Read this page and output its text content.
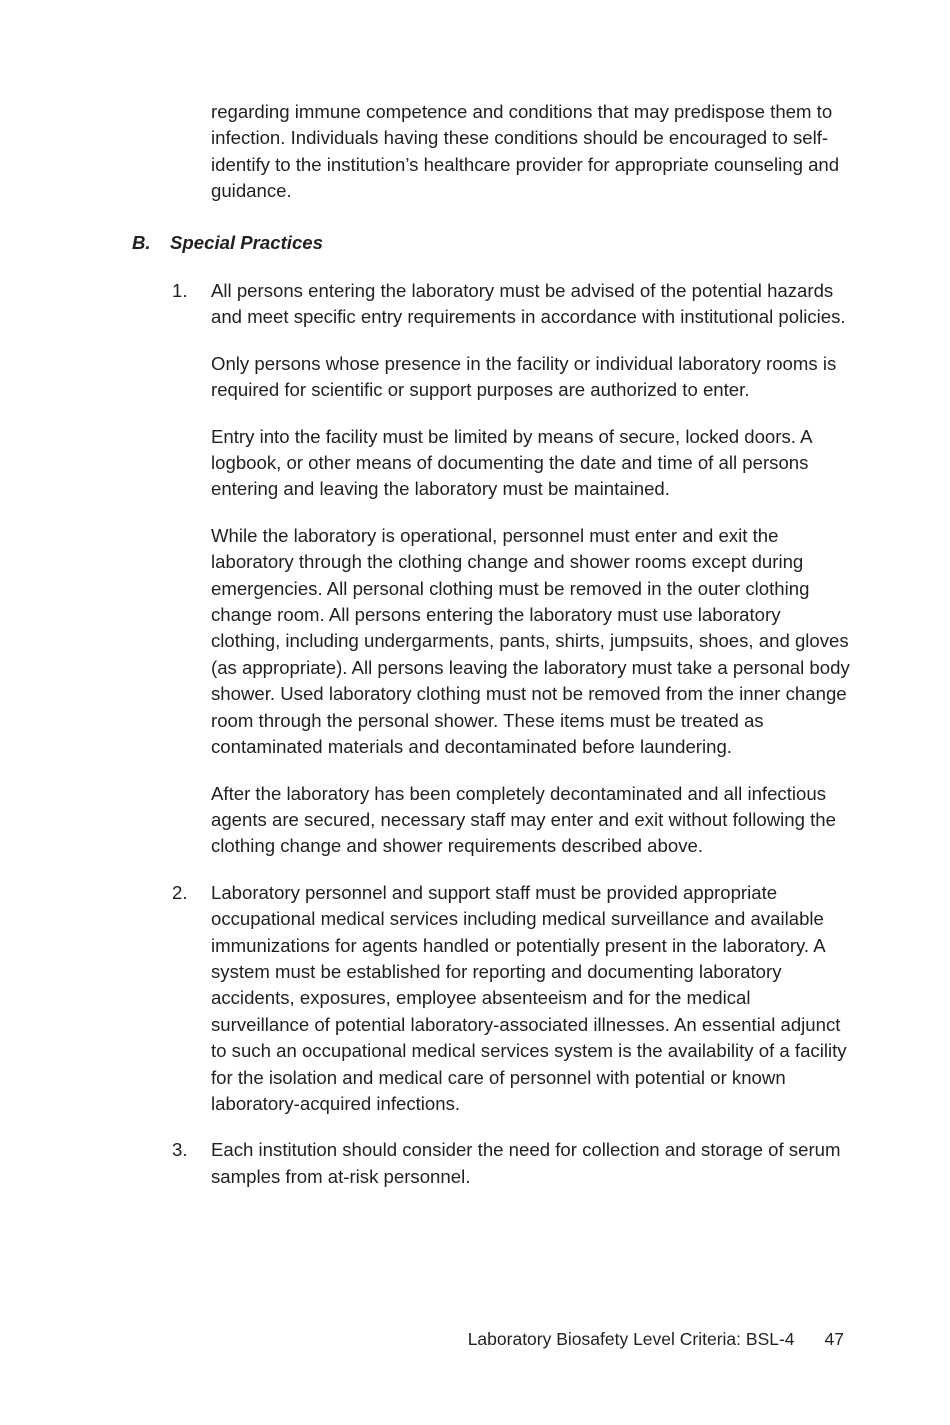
regarding immune competence and conditions that may predispose them to infection. Individuals having these conditions should be encouraged to self-identify to the institution’s healthcare provider for appropriate counseling and guidance.

B. Special Practices
1. All persons entering the laboratory must be advised of the potential hazards and meet specific entry requirements in accordance with institutional policies.

Only persons whose presence in the facility or individual laboratory rooms is required for scientific or support purposes are authorized to enter.

Entry into the facility must be limited by means of secure, locked doors. A logbook, or other means of documenting the date and time of all persons entering and leaving the laboratory must be maintained.

While the laboratory is operational, personnel must enter and exit the laboratory through the clothing change and shower rooms except during emergencies. All personal clothing must be removed in the outer clothing change room. All persons entering the laboratory must use laboratory clothing, including undergarments, pants, shirts, jumpsuits, shoes, and gloves (as appropriate). All persons leaving the laboratory must take a personal body shower. Used laboratory clothing must not be removed from the inner change room through the personal shower. These items must be treated as contaminated materials and decontaminated before laundering.

After the laboratory has been completely decontaminated and all infectious agents are secured, necessary staff may enter and exit without following the clothing change and shower requirements described above.

2. Laboratory personnel and support staff must be provided appropriate occupational medical services including medical surveillance and available immunizations for agents handled or potentially present in the laboratory. A system must be established for reporting and documenting laboratory accidents, exposures, employee absenteeism and for the medical surveillance of potential laboratory-associated illnesses. An essential adjunct to such an occupational medical services system is the availability of a facility for the isolation and medical care of personnel with potential or known laboratory-acquired infections.

3. Each institution should consider the need for collection and storage of serum samples from at-risk personnel.

Laboratory Biosafety Level Criteria: BSL-4 47
